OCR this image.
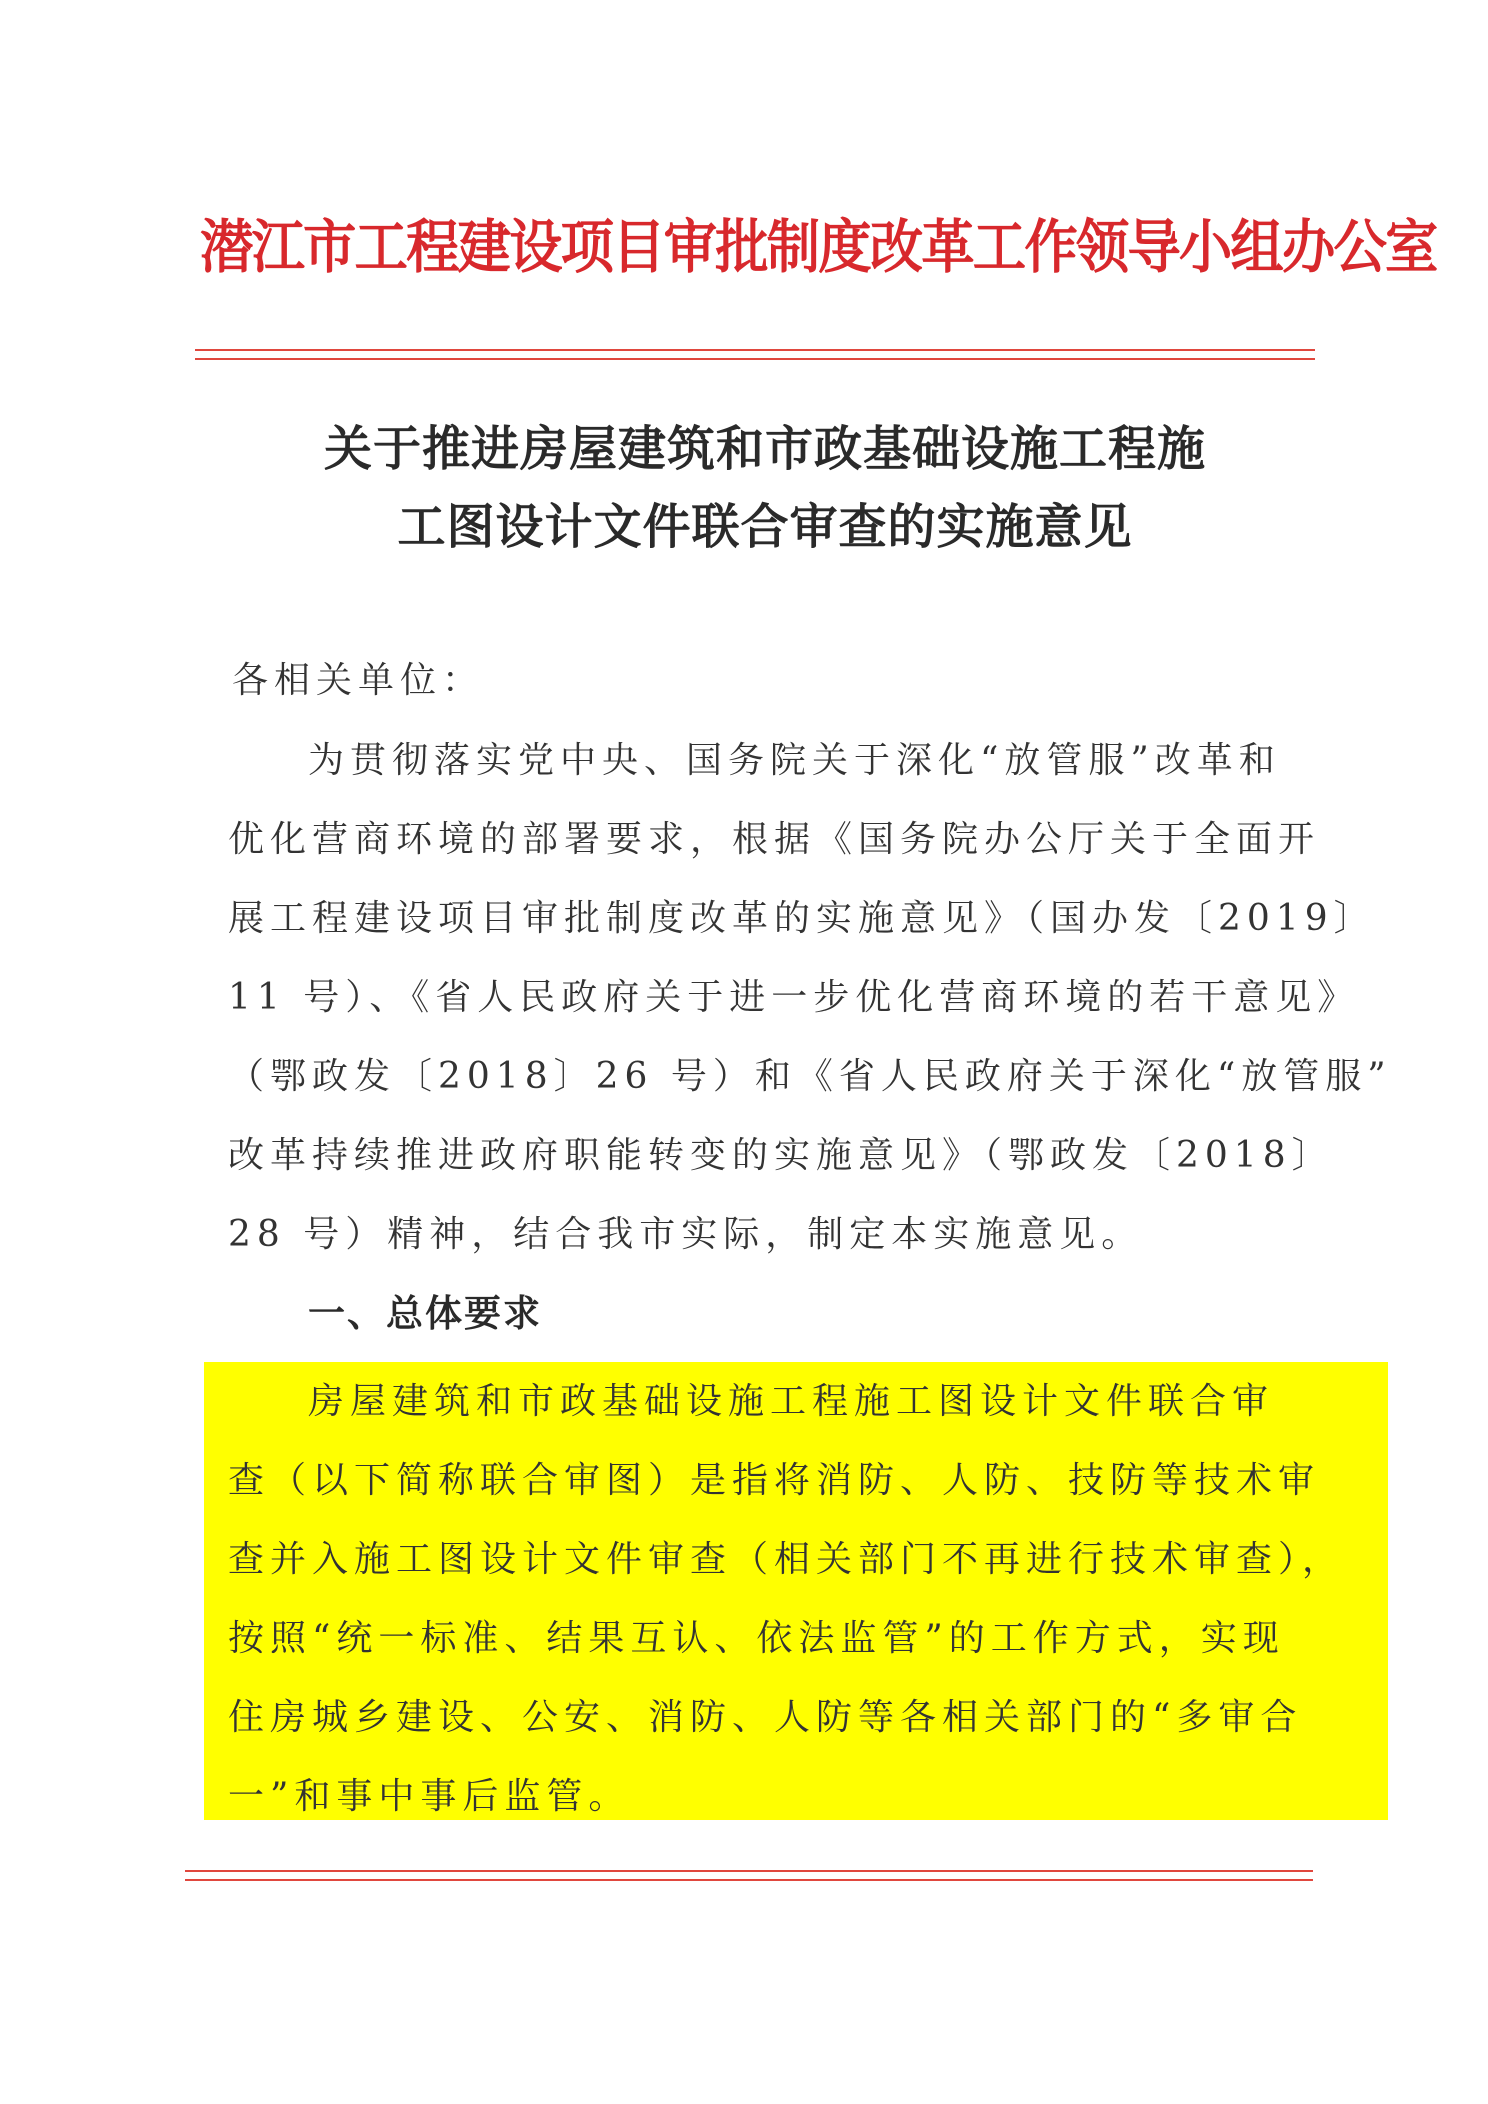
潜江市工程建设项目审批制度改革工作领导小组办公室
关于推进房屋建筑和市政基础设施工程施
工图设计文件联合审查的实施意见
各相关单位：
为贯彻落实党中央、国务院关于深化“放管服”改革和
优化营商环境的部署要求，根据《国务院办公厅关于全面开
展工程建设项目审批制度改革的实施意见》（国办发〔2019〕
11 号）、《省人民政府关于进一步优化营商环境的若干意见》
（鄂政发〔2018〕26 号）和《省人民政府关于深化“放管服”
改革持续推进政府职能转变的实施意见》（鄂政发〔2018〕
28 号）精神，结合我市实际，制定本实施意见。
一、总体要求
房屋建筑和市政基础设施工程施工图设计文件联合审
查（以下简称联合审图）是指将消防、人防、技防等技术审
查并入施工图设计文件审查（相关部门不再进行技术审查），
按照“统一标准、结果互认、依法监管”的工作方式，实现
住房城乡建设、公安、消防、人防等各相关部门的“多审合
一”和事中事后监管。
